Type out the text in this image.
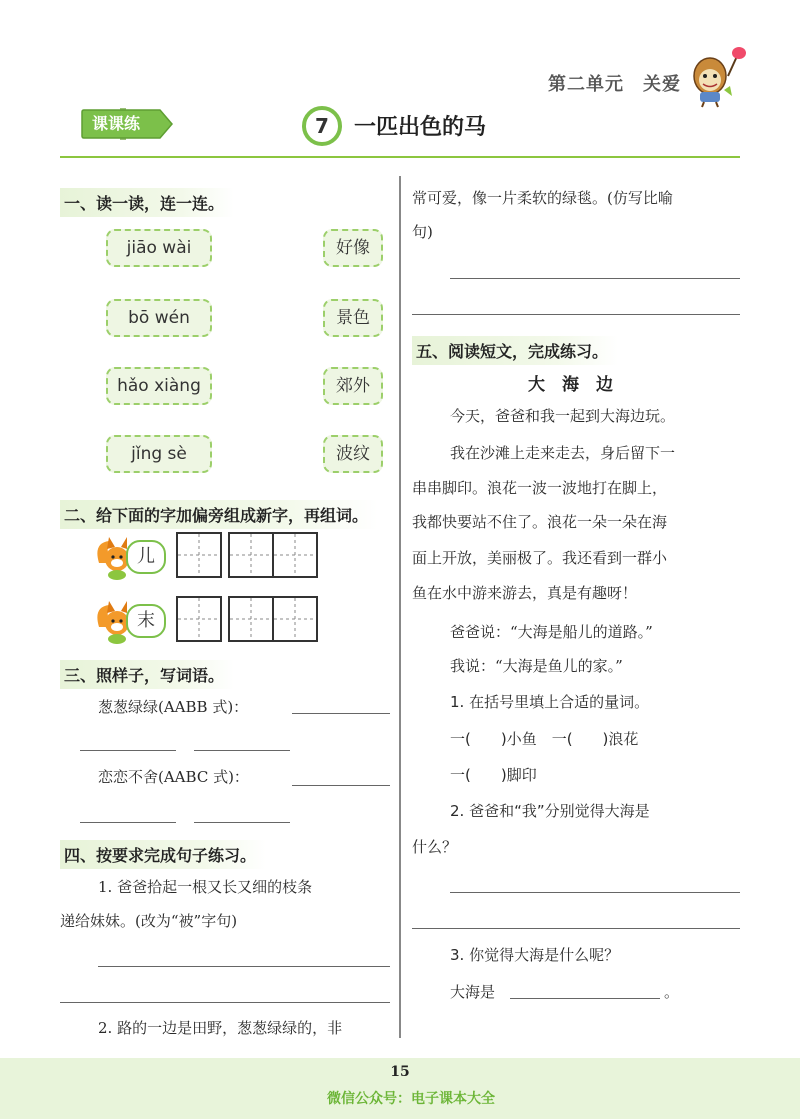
第二单元　关爱
课课练	7	一匹出色的马
一、读一读，连一连。
jiāo wài
bō wén
hǎo xiàng
jǐng sè
好像
景色
郊外
波纹
二、给下面的字加偏旁组成新字，再组词。
儿
末
三、照样子，写词语。
葱葱绿绿(AABB 式)：
恋恋不舍(AABC 式)：
四、按要求完成句子练习。
1. 爸爸拾起一根又长又细的枝条
递给妹妹。(改为“被”字句)
2. 路的一边是田野，葱葱绿绿的，非
常可爱，像一片柔软的绿毯。(仿写比喻
句)
五、阅读短文，完成练习。
大　海　边
今天，爸爸和我一起到大海边玩。
我在沙滩上走来走去，身后留下一
串串脚印。浪花一波一波地打在脚上，
我都快要站不住了。浪花一朵一朵在海
面上开放，美丽极了。我还看到一群小
鱼在水中游来游去，真是有趣呀！
爸爸说：“大海是船儿的道路。”
我说：“大海是鱼儿的家。”
1. 在括号里填上合适的量词。
一(　　)小鱼　一(　　)浪花
一(　　)脚印
2. 爸爸和“我”分别觉得大海是
什么？
3. 你觉得大海是什么呢？
大海是	。
15
微信公众号：电子课本大全
